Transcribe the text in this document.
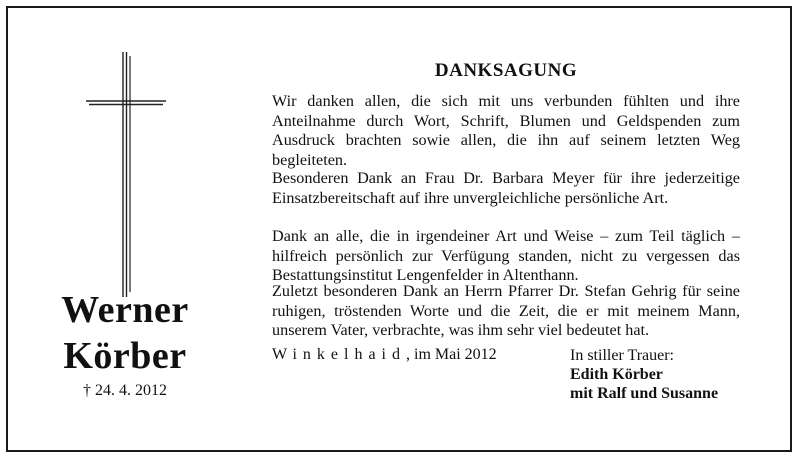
Werner
Körber
† 24. 4. 2012
DANKSAGUNG

Wir danken allen, die sich mit uns verbunden fühlten und ihre Anteilnahme durch Wort, Schrift, Blumen und Geldspenden zum Ausdruck brachten sowie allen, die ihn auf seinem letzten Weg begleiteten.

Besonderen Dank an Frau Dr. Barbara Meyer für ihre jederzeitige Einsatzbereitschaft auf ihre unvergleichliche persönliche Art.

Dank an alle, die in irgendeiner Art und Weise – zum Teil täglich – hilfreich persönlich zur Verfügung standen, nicht zu vergessen das Bestattungsinstitut Lengenfelder in Altenthann.

Zuletzt besonderen Dank an Herrn Pfarrer Dr. Stefan Gehrig für seine ruhigen, tröstenden Worte und die Zeit, die er mit meinem Mann, unserem Vater, verbrachte, was ihm sehr viel bedeutet hat.

Winkelhaid, im Mai 2012	In stiller Trauer:
Edith Körber
mit Ralf und Susanne
